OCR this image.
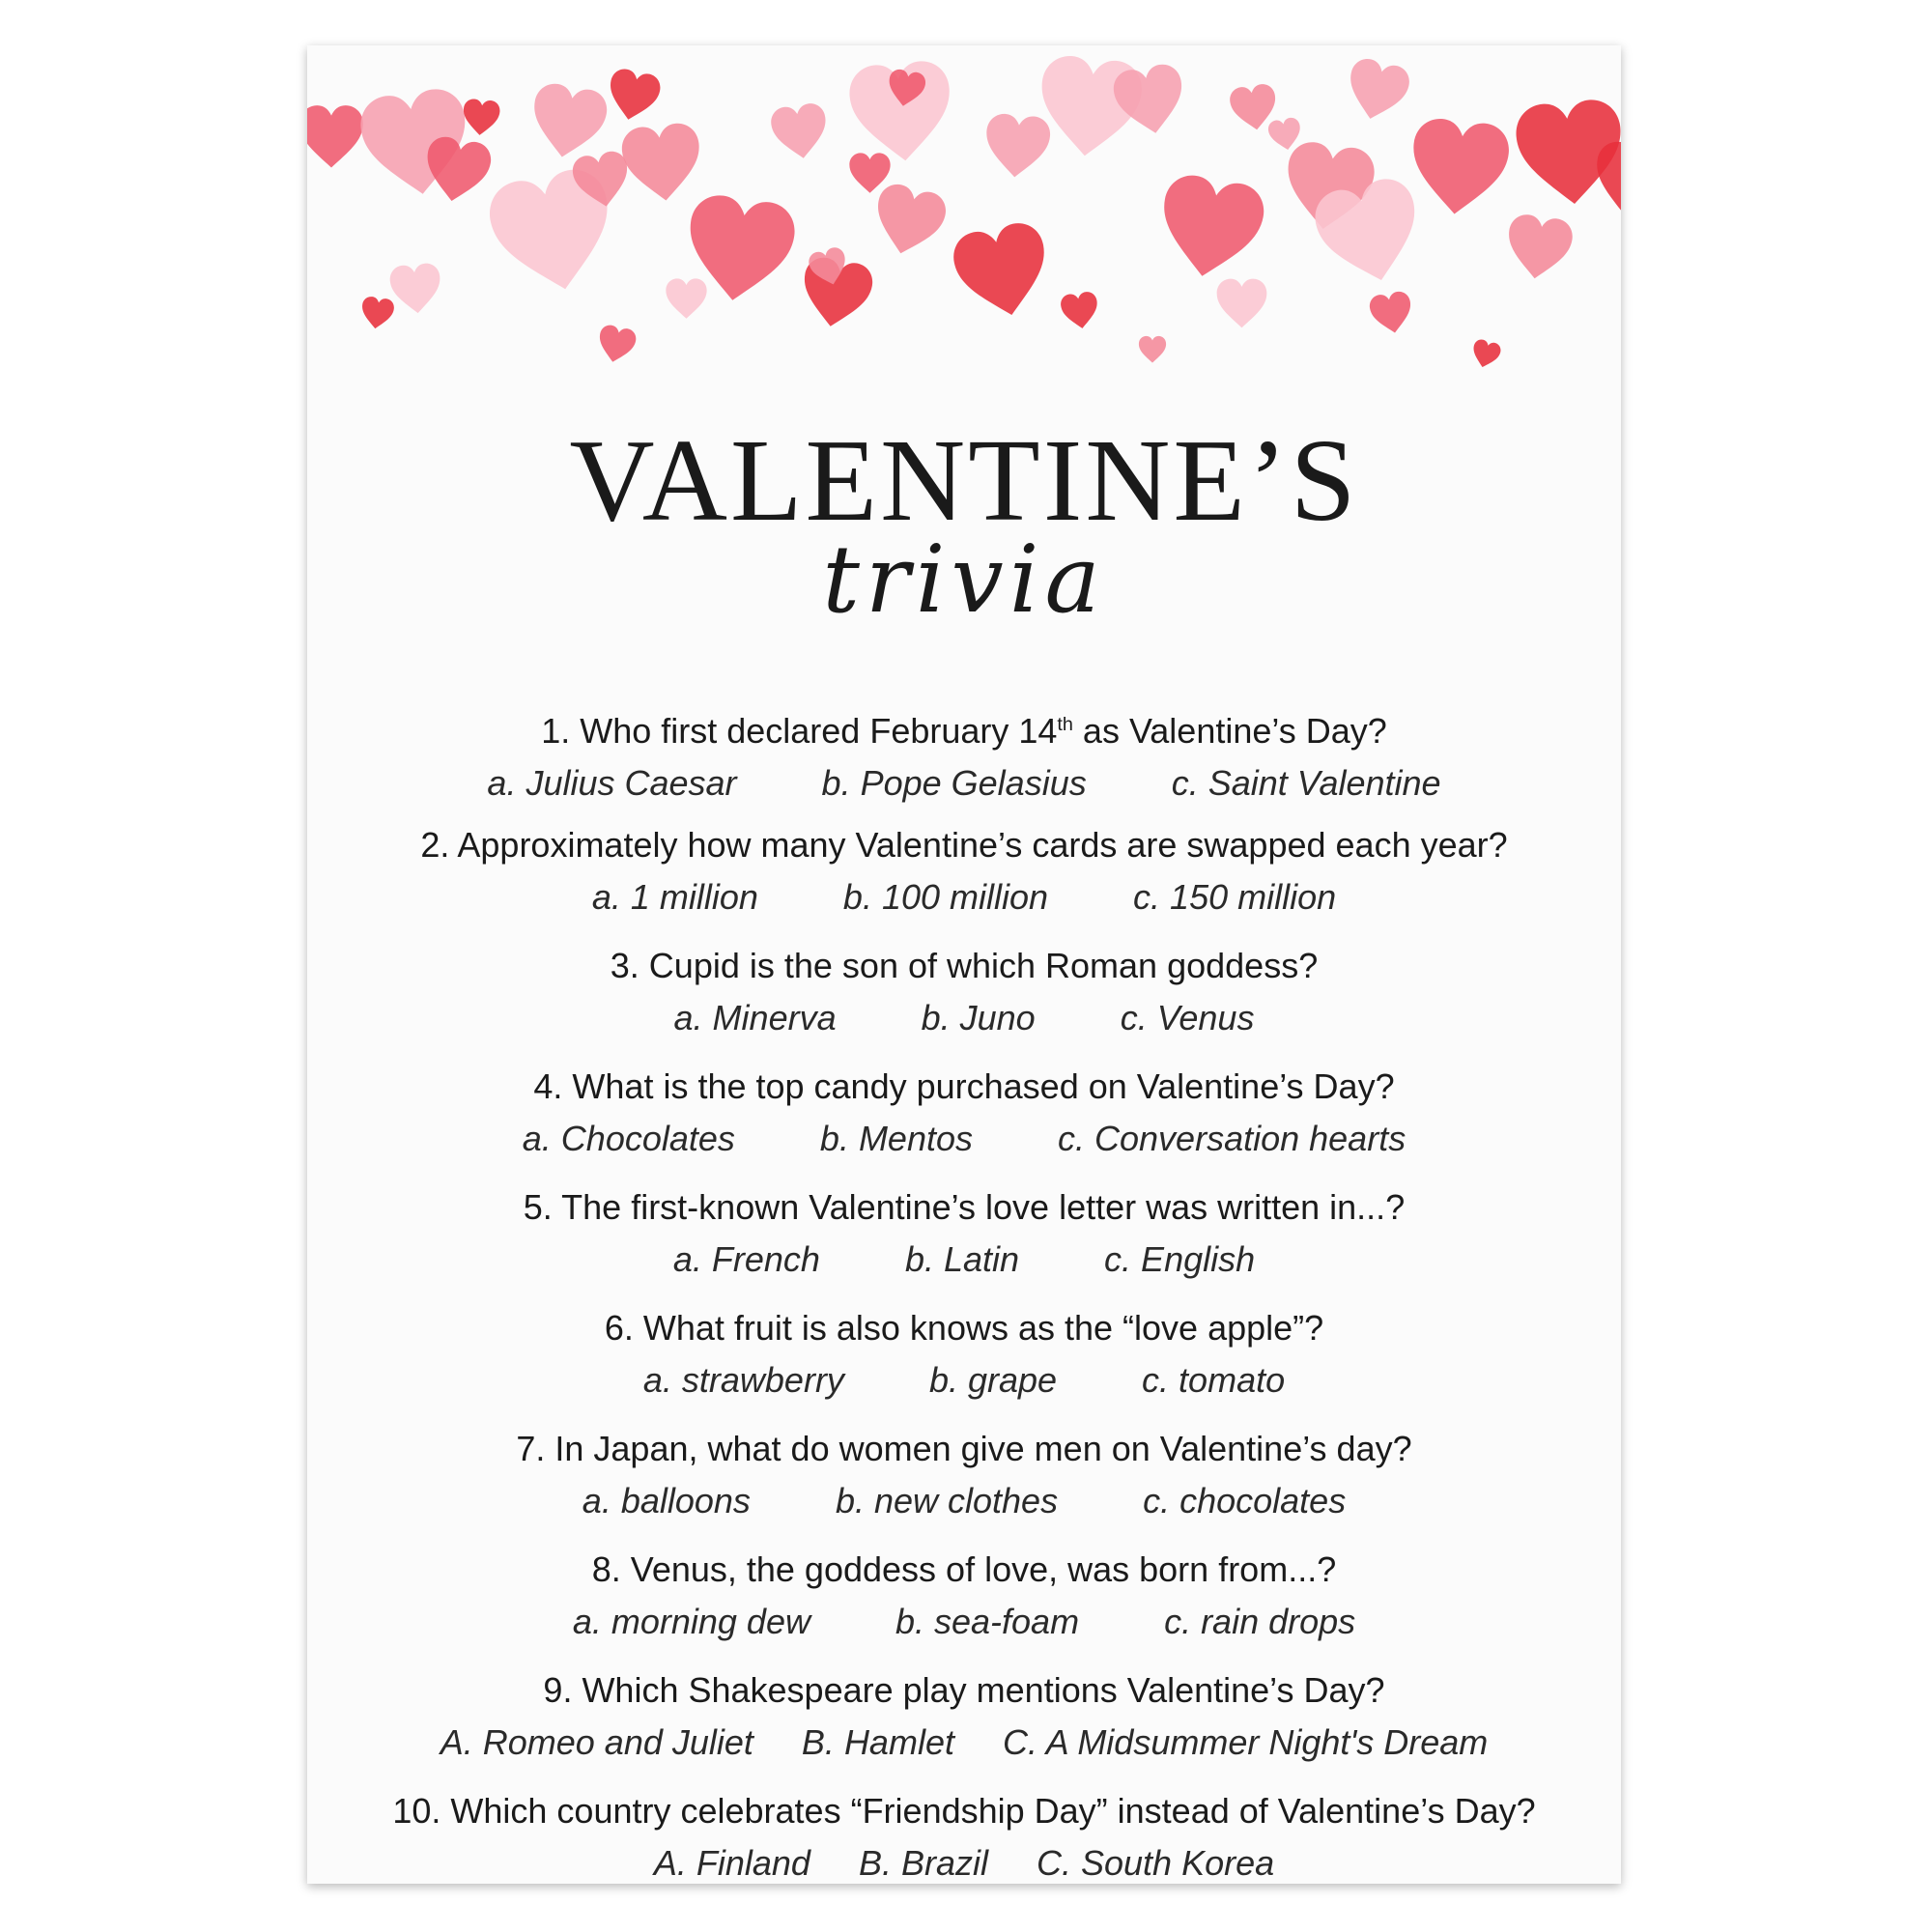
VALENTINE’S
trivia
1. Who first declared February 14th as Valentine’s Day?
a. Julius Caesar b. Pope Gelasius c. Saint Valentine
2. Approximately how many Valentine’s cards are swapped each year?
a. 1 million b. 100 million c. 150 million
3. Cupid is the son of which Roman goddess?
a. Minerva b. Juno c. Venus
4. What is the top candy purchased on Valentine’s Day?
a. Chocolates b. Mentos c. Conversation hearts
5. The first-known Valentine’s love letter was written in...?
a. French b. Latin c. English
6. What fruit is also knows as the “love apple”?
a. strawberry b. grape c. tomato
7. In Japan, what do women give men on Valentine’s day?
a. balloons b. new clothes c. chocolates
8. Venus, the goddess of love, was born from...?
a. morning dew b. sea-foam c. rain drops
9. Which Shakespeare play mentions Valentine’s Day?
A. Romeo and Juliet B. Hamlet C. A Midsummer Night's Dream
10. Which country celebrates “Friendship Day” instead of Valentine’s Day?
A. Finland B. Brazil C. South Korea
